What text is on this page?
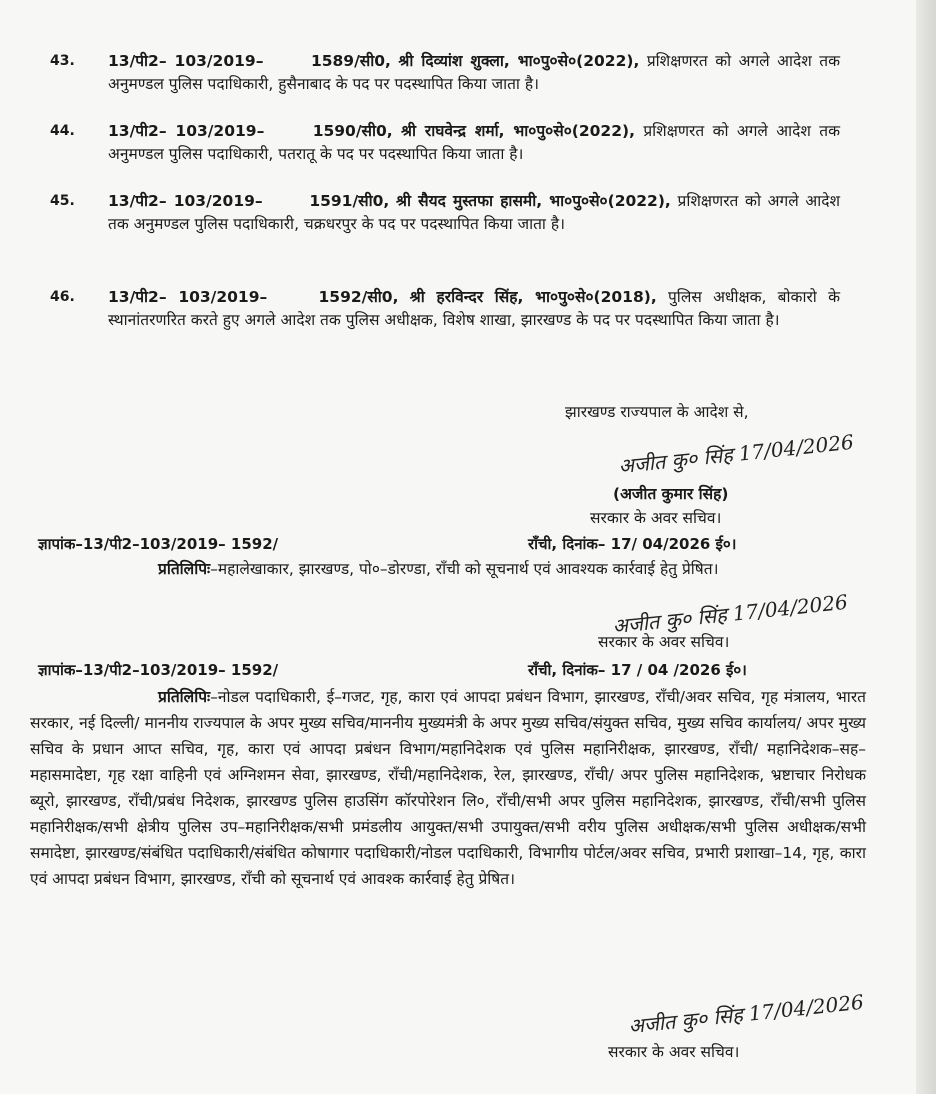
43. 13/पी2– 103/2019–	1589/सी0, श्री दिव्यांश शुक्ला, भा०पु०से०(2022), प्रशिक्षणरत को अगले आदेश तक अनुमण्डल पुलिस पदाधिकारी, हुसैनाबाद के पद पर पदस्थापित किया जाता है।
44. 13/पी2– 103/2019–	1590/सी0, श्री राघवेन्द्र शर्मा, भा०पु०से०(2022), प्रशिक्षणरत को अगले आदेश तक अनुमण्डल पुलिस पदाधिकारी, पतरातू के पद पर पदस्थापित किया जाता है।
45. 13/पी2– 103/2019–	1591/सी0, श्री सैयद मुस्तफा हासमी, भा०पु०से०(2022), प्रशिक्षणरत को अगले आदेश तक अनुमण्डल पुलिस पदाधिकारी, चक्रधरपुर के पद पर पदस्थापित किया जाता है।
46. 13/पी2– 103/2019–	1592/सी0, श्री हरविन्दर सिंह, भा०पु०से०(2018), पुलिस अधीक्षक, बोकारो के स्थानांतरणरित करते हुए अगले आदेश तक पुलिस अधीक्षक, विशेष शाखा, झारखण्ड के पद पर पदस्थापित किया जाता है।
झारखण्ड राज्यपाल के आदेश से,
अजीत कु० सिंह 17/04/2026
(अजीत कुमार सिंह)
सरकार के अवर सचिव।
ज्ञापांक–13/पी2–103/2019– 1592/	राँची, दिनांक– 17/ 04/2026 ई०।
प्रतिलिपिः–महालेखाकार, झारखण्ड, पो०–डोरण्डा, राँची को सूचनार्थ एवं आवश्यक कार्रवाई हेतु प्रेषित।
अजीत कु० सिंह 17/04/2026
सरकार के अवर सचिव।
ज्ञापांक–13/पी2–103/2019– 1592/	राँची, दिनांक– 17 / 04 /2026 ई०।
प्रतिलिपिः–नोडल पदाधिकारी, ई–गजट, गृह, कारा एवं आपदा प्रबंधन विभाग, झारखण्ड, राँची/अवर सचिव, गृह मंत्रालय, भारत सरकार, नई दिल्ली/ माननीय राज्यपाल के अपर मुख्य सचिव/माननीय मुख्यमंत्री के अपर मुख्य सचिव/संयुक्त सचिव, मुख्य सचिव कार्यालय/ अपर मुख्य सचिव के प्रधान आप्त सचिव, गृह, कारा एवं आपदा प्रबंधन विभाग/महानिदेशक एवं पुलिस महानिरीक्षक, झारखण्ड, राँची/ महानिदेशक–सह–महासमादेष्टा, गृह रक्षा वाहिनी एवं अग्निशमन सेवा, झारखण्ड, राँची/महानिदेशक, रेल, झारखण्ड, राँची/ अपर पुलिस महानिदेशक, भ्रष्टाचार निरोधक ब्यूरो, झारखण्ड, राँची/प्रबंध निदेशक, झारखण्ड पुलिस हाउसिंग कॉरपोरेशन लि०, राँची/सभी अपर पुलिस महानिदेशक, झारखण्ड, राँची/सभी पुलिस महानिरीक्षक/सभी क्षेत्रीय पुलिस उप–महानिरीक्षक/सभी प्रमंडलीय आयुक्त/सभी उपायुक्त/सभी वरीय पुलिस अधीक्षक/सभी पुलिस अधीक्षक/सभी समादेष्टा, झारखण्ड/संबंधित पदाधिकारी/संबंधित कोषागार पदाधिकारी/नोडल पदाधिकारी, विभागीय पोर्टल/अवर सचिव, प्रभारी प्रशाखा–14, गृह, कारा एवं आपदा प्रबंधन विभाग, झारखण्ड, राँची को सूचनार्थ एवं आवश्क कार्रवाई हेतु प्रेषित।
अजीत कु० सिंह 17/04/2026
सरकार के अवर सचिव।
